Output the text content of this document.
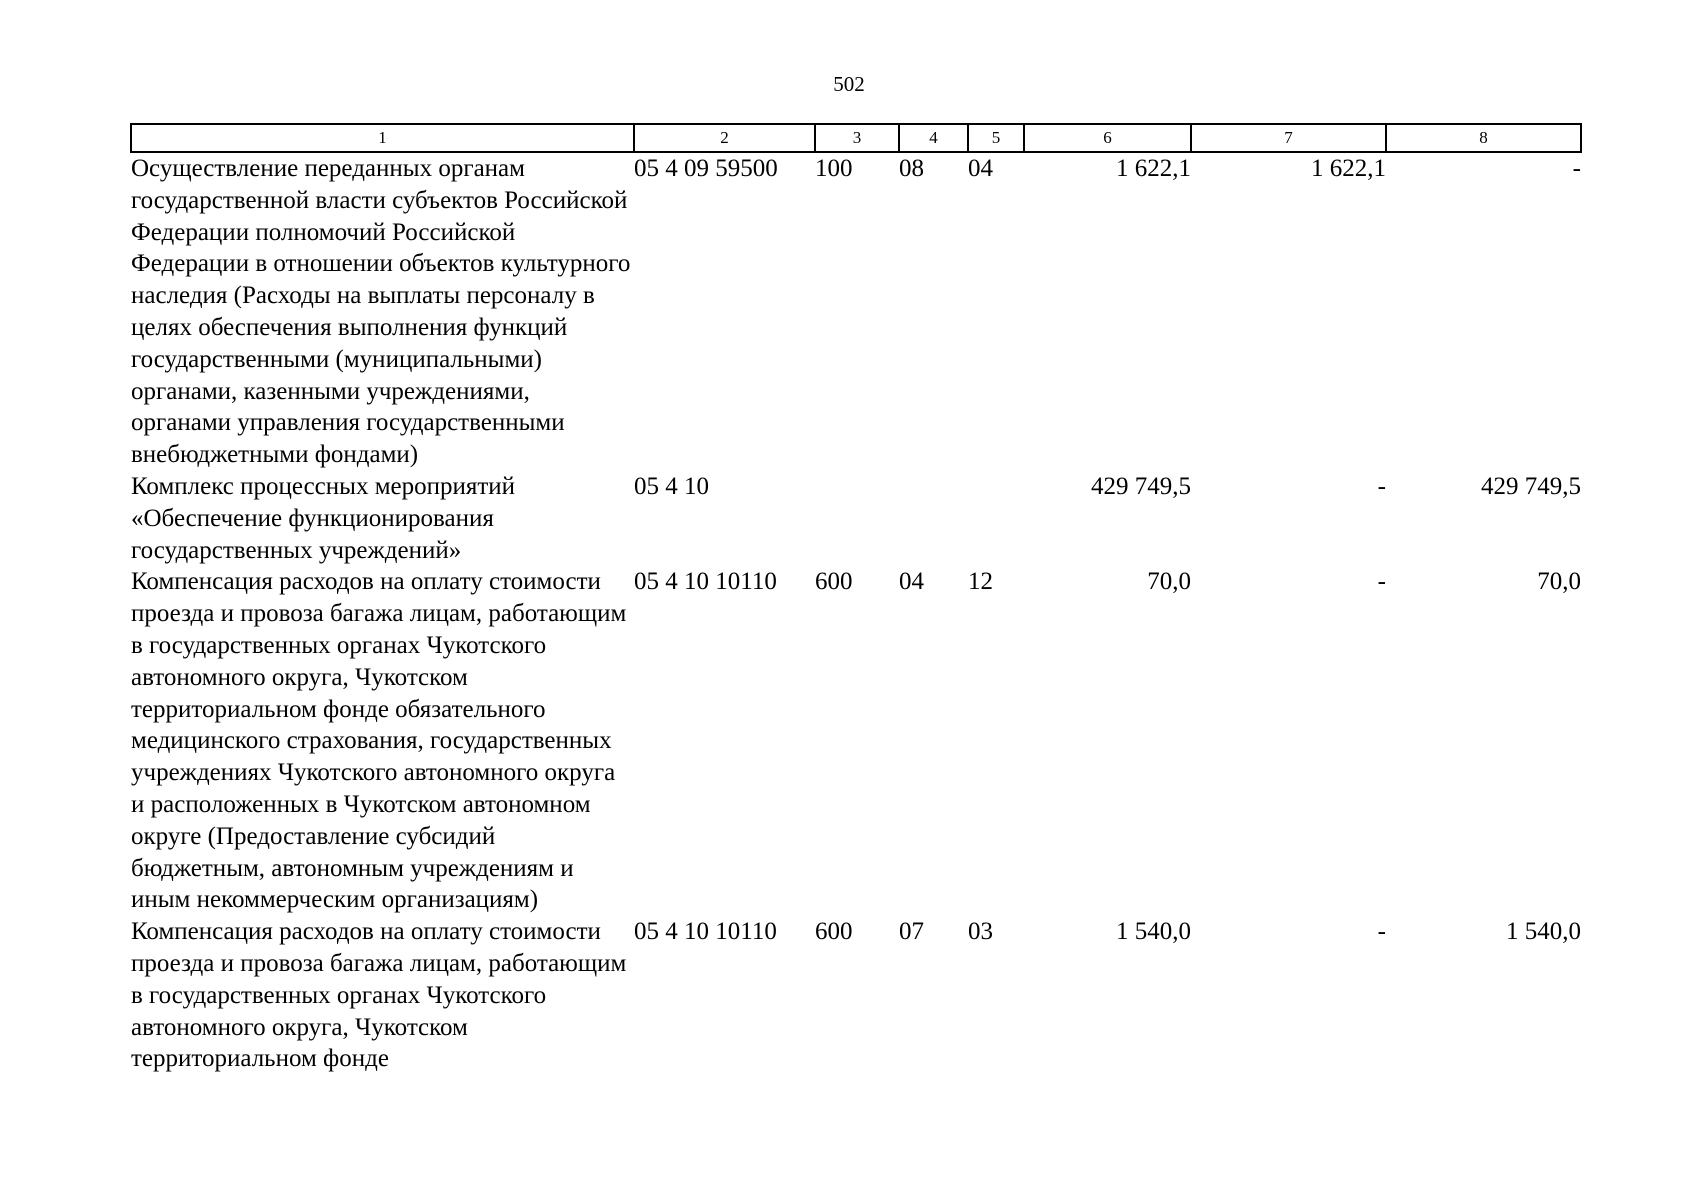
502
1	2	3	4	5	6	7	8
Осуществление переданных органам государственной власти субъектов Российской Федерации полномочий Российской Федерации в отношении объектов культурного наследия (Расходы на выплаты персоналу в целях обеспечения выполнения функций государственными (муниципальными) органами, казенными учреждениями, органами управления государственными внебюджетными фондами)	05 4 09 59500	100	08	04	1 622,1	1 622,1	-
Комплекс процессных мероприятий «Обеспечение функционирования государственных учреждений»	05 4 10				429 749,5	-	429 749,5
Компенсация расходов на оплату стоимости проезда и провоза багажа лицам, работающим в государственных органах Чукотского автономного округа, Чукотском территориальном фонде обязательного медицинского страхования, государственных учреждениях Чукотского автономного округа и расположенных в Чукотском автономном округе (Предоставление субсидий бюджетным, автономным учреждениям и иным некоммерческим организациям)	05 4 10 10110	600	04	12	70,0	-	70,0
Компенсация расходов на оплату стоимости проезда и провоза багажа лицам, работающим в государственных органах Чукотского автономного округа, Чукотском территориальном фонде	05 4 10 10110	600	07	03	1 540,0	-	1 540,0
